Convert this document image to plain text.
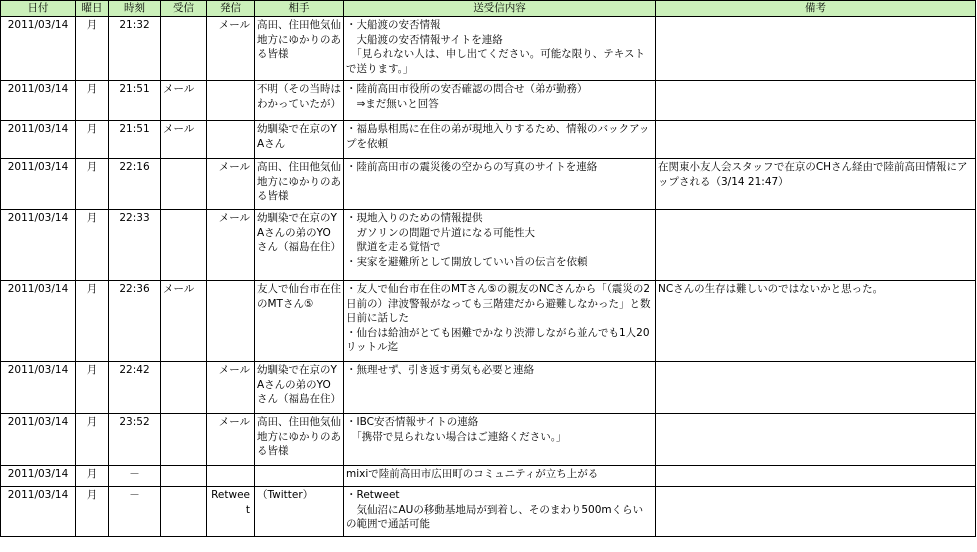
日付	曜日	時刻	受信	発信	相手	送受信内容	備考
2011/03/14	月	21:32		メール	高田、住田他気仙地方にゆかりのある皆様	・大船渡の安否情報
　大船渡の安否情報サイトを連絡
　「見られない人は、申し出てください。可能な限り、テキストで送ります。」	
2011/03/14	月	21:51	メール		不明（その当時はわかっていたが）	・陸前高田市役所の安否確認の問合せ（弟が勤務）
　⇒まだ無いと回答	
2011/03/14	月	21:51	メール		幼馴染で在京のYAさん	・福島県相馬に在住の弟が現地入りするため、情報のバックアップを依頼	
2011/03/14	月	22:16		メール	高田、住田他気仙地方にゆかりのある皆様	・陸前高田市の震災後の空からの写真のサイトを連絡	在関東小友人会スタッフで在京のCHさん経由で陸前高田情報にアップされる（3/14 21:47）
2011/03/14	月	22:33		メール	幼馴染で在京のYAさんの弟のYOさん（福島在住）	・現地入りのための情報提供
　ガソリンの問題で片道になる可能性大
　獣道を走る覚悟で
・実家を避難所として開放していい旨の伝言を依頼	
2011/03/14	月	22:36	メール		友人で仙台市在住のMTさん⑤	・友人で仙台市在住のMTさん⑤の親友のNCさんから「（震災の2日前の）津波警報がなっても三階建だから避難しなかった」と数日前に話した
・仙台は給油がとても困難でかなり渋滞しながら並んでも1人20リットル迄	NCさんの生存は難しいのではないかと思った。
2011/03/14	月	22:42		メール	幼馴染で在京のYAさんの弟のYOさん（福島在住）	・無理せず、引き返す勇気も必要と連絡	
2011/03/14	月	23:52		メール	高田、住田他気仙地方にゆかりのある皆様	・IBC安否情報サイトの連絡
　「携帯で見られない場合はご連絡ください。」	
2011/03/14	月	－				mixiで陸前高田市広田町のコミュニティが立ち上がる	
2011/03/14	月	－		Retweet	（Twitter）	・Retweet
　気仙沼にAUの移動基地局が到着し、そのまわり500mくらいの範囲で通話可能	
